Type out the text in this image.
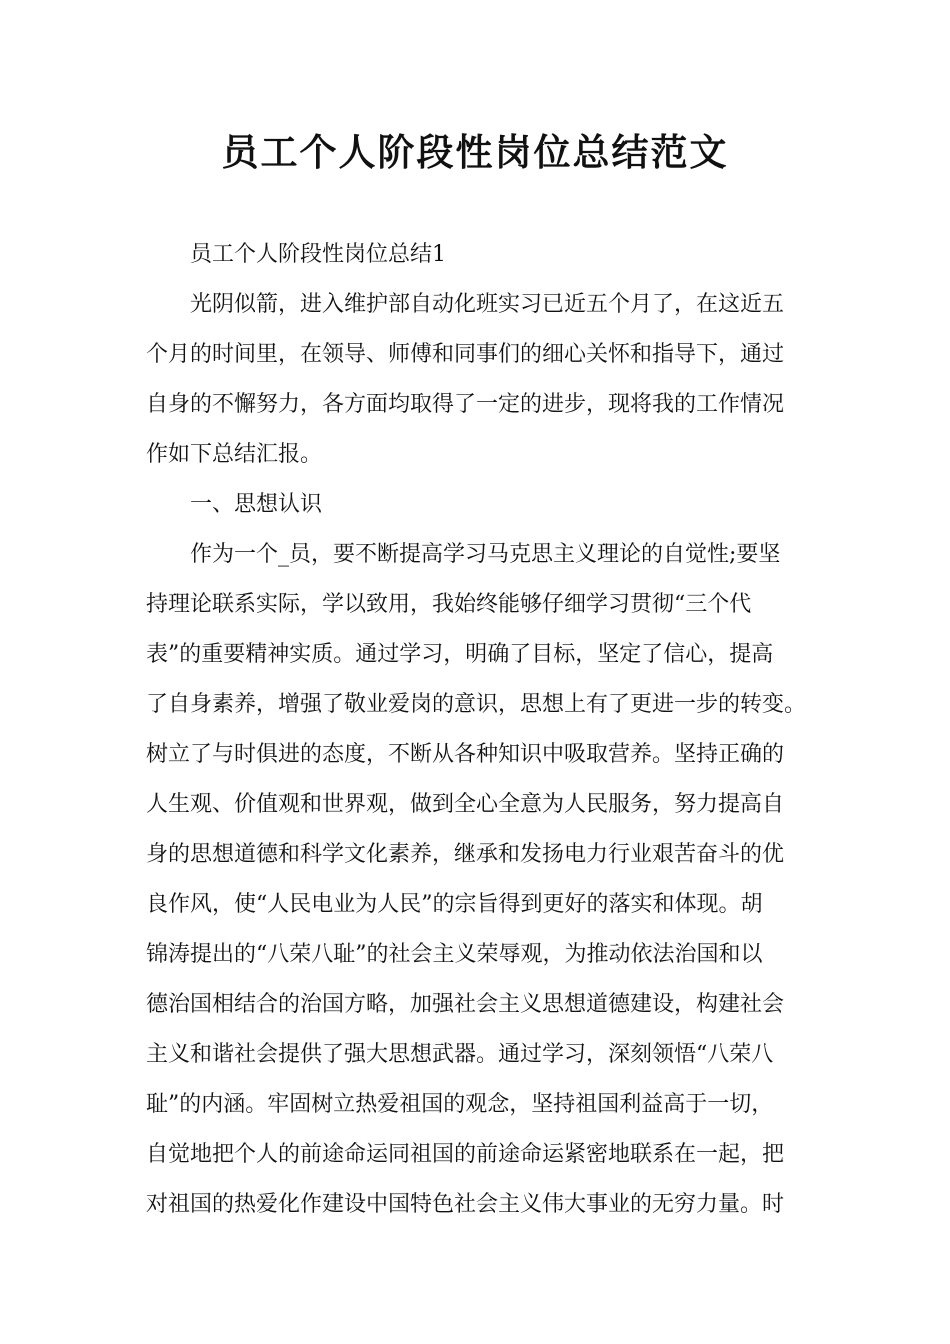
员工个人阶段性岗位总结范文
员工个人阶段性岗位总结1
光阴似箭，进入维护部自动化班实习已近五个月了，在这近五
个月的时间里，在领导、师傅和同事们的细心关怀和指导下，通过
自身的不懈努力，各方面均取得了一定的进步，现将我的工作情况
作如下总结汇报。
一、思想认识
作为一个_员，要不断提高学习马克思主义理论的自觉性;要坚
持理论联系实际，学以致用，我始终能够仔细学习贯彻“三个代
表”的重要精神实质。通过学习，明确了目标，坚定了信心，提高
了自身素养，增强了敬业爱岗的意识，思想上有了更进一步的转变。
树立了与时俱进的态度，不断从各种知识中吸取营养。坚持正确的
人生观、价值观和世界观，做到全心全意为人民服务，努力提高自
身的思想道德和科学文化素养，继承和发扬电力行业艰苦奋斗的优
良作风，使“人民电业为人民”的宗旨得到更好的落实和体现。胡
锦涛提出的“八荣八耻”的社会主义荣辱观，为推动依法治国和以
德治国相结合的治国方略，加强社会主义思想道德建设，构建社会
主义和谐社会提供了强大思想武器。通过学习，深刻领悟“八荣八
耻”的内涵。牢固树立热爱祖国的观念，坚持祖国利益高于一切，
自觉地把个人的前途命运同祖国的前途命运紧密地联系在一起，把
对祖国的热爱化作建设中国特色社会主义伟大事业的无穷力量。时
